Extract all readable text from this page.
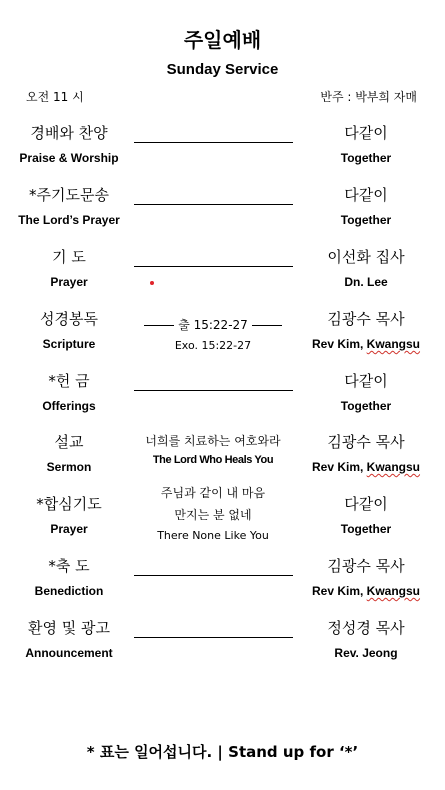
주일예배
Sunday Service
오전 11 시	반주 : 박부희 자매
경배와 찬양
Praise & Worship
다같이
Together
*주기도문송
The Lord’s Prayer
다같이
Together
기 도
Prayer
이선화 집사
Dn. Lee
성경봉독
Scripture
출 15:22-27
Exo. 15:22-27
김광수 목사
Rev Kim, Kwangsu
*헌 금
Offerings
다같이
Together
설교
Sermon
너희를 치료하는 여호와라
The Lord Who Heals You
김광수 목사
Rev Kim, Kwangsu
*합심기도
Prayer
주님과 같이 내 마음
만지는 분 없네
There None Like You
다같이
Together
*축 도
Benediction
김광수 목사
Rev Kim, Kwangsu
환영 및 광고
Announcement
정성경 목사
Rev. Jeong
* 표는 일어섭니다. | Stand up for ‘*’
